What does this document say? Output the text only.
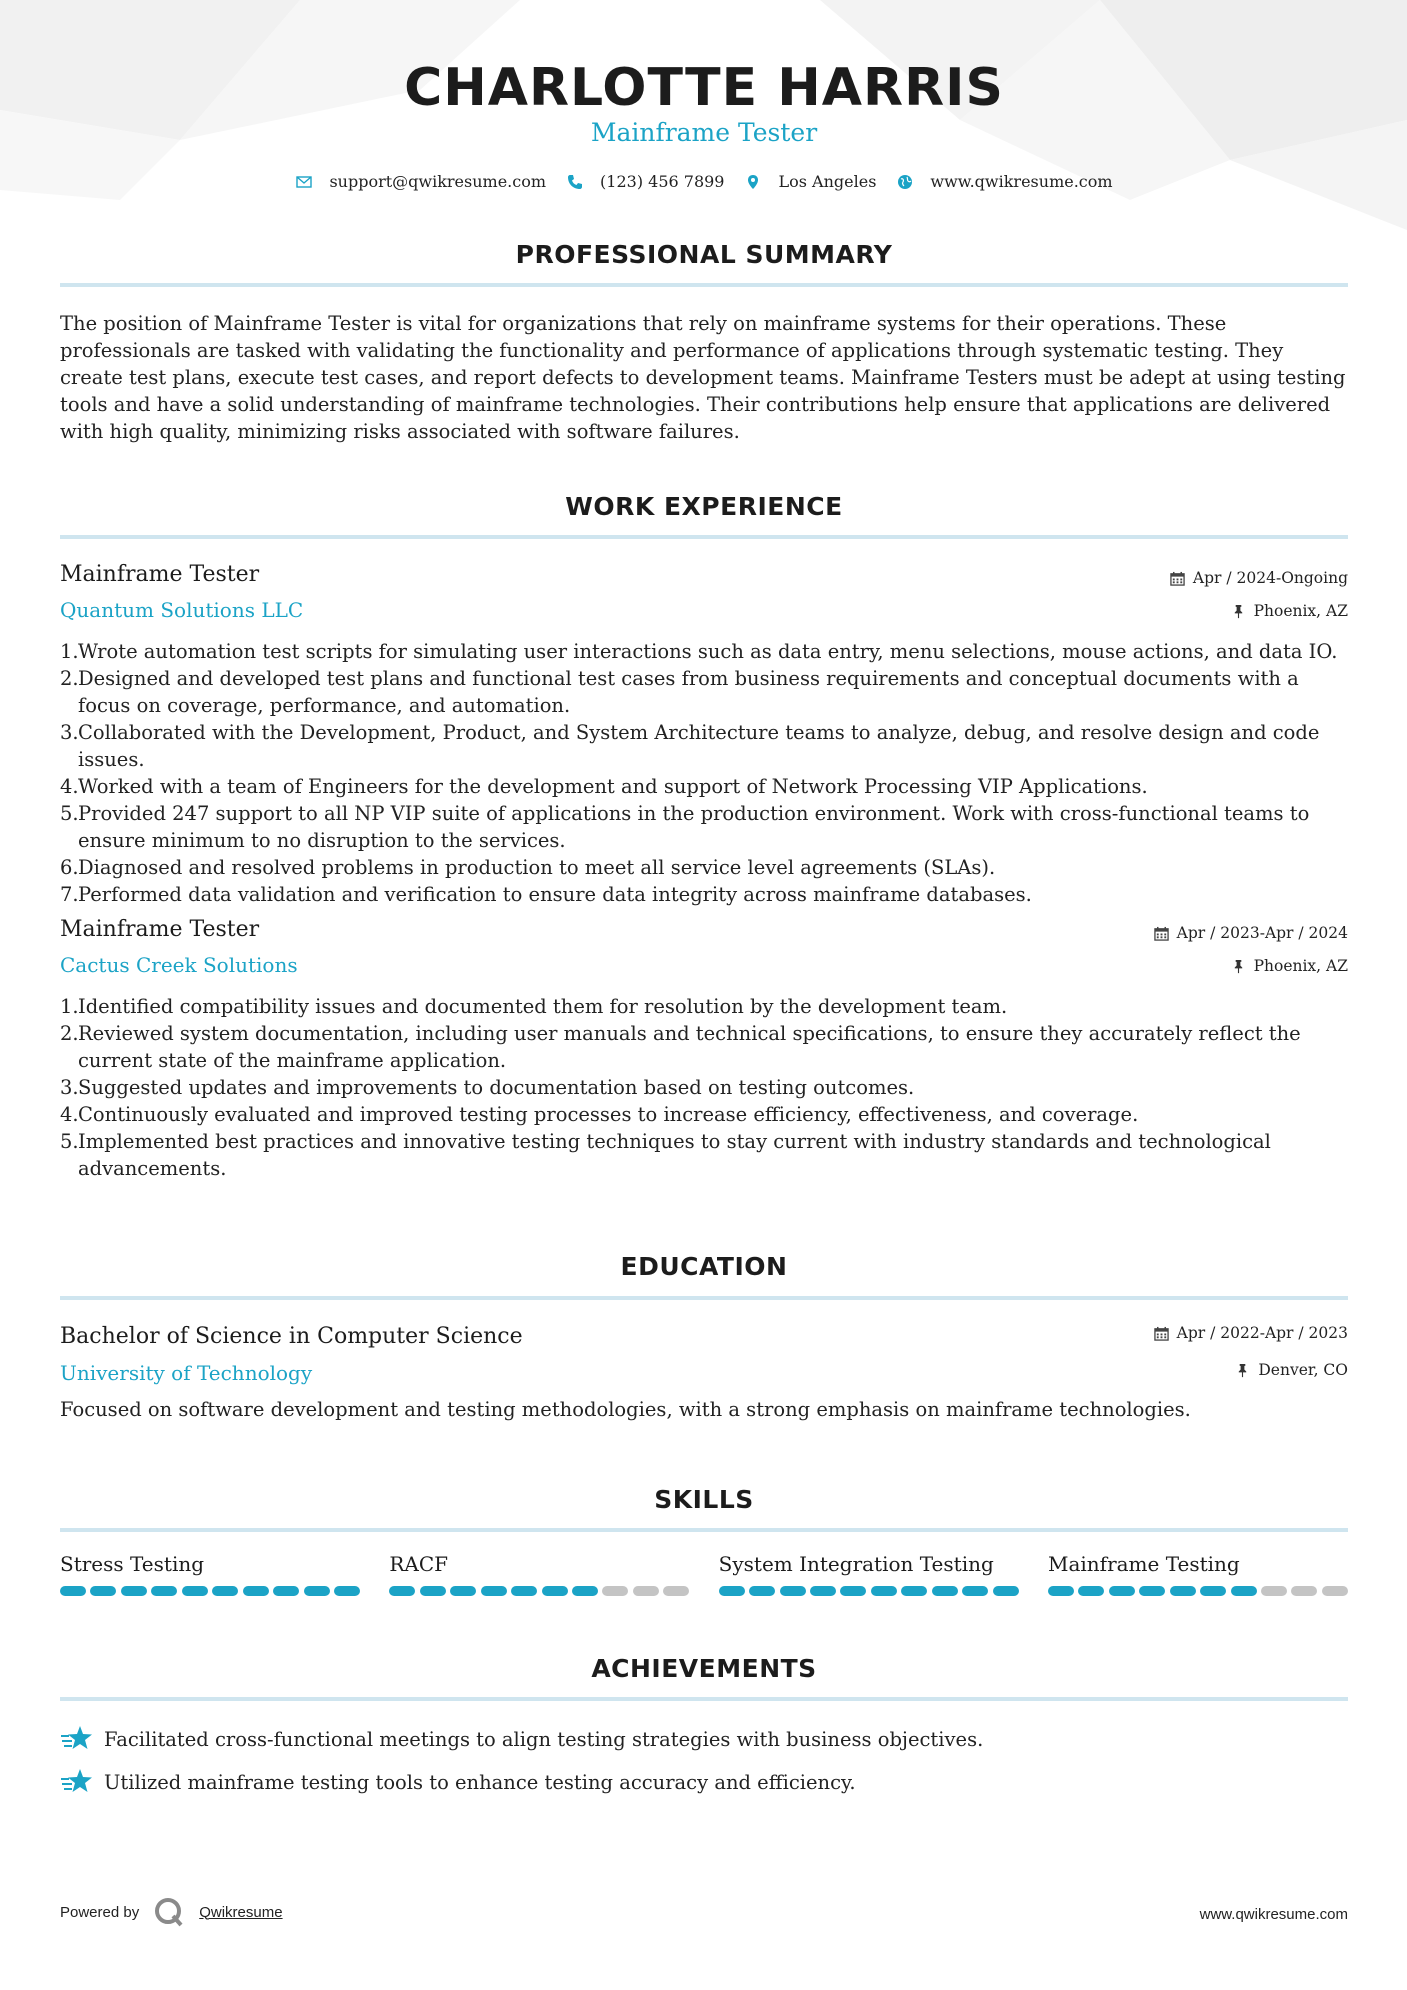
CHARLOTTE HARRIS
Mainframe Tester
support@qwikresume.com	(123) 456 7899	Los Angeles	www.qwikresume.com
PROFESSIONAL SUMMARY
The position of Mainframe Tester is vital for organizations that rely on mainframe systems for their operations. These professionals are tasked with validating the functionality and performance of applications through systematic testing. They create test plans, execute test cases, and report defects to development teams. Mainframe Testers must be adept at using testing tools and have a solid understanding of mainframe technologies. Their contributions help ensure that applications are delivered with high quality, minimizing risks associated with software failures.
WORK EXPERIENCE
Mainframe Tester
Quantum Solutions LLC
Apr / 2024-Ongoing
Phoenix, AZ
1. Wrote automation test scripts for simulating user interactions such as data entry, menu selections, mouse actions, and data IO.
2. Designed and developed test plans and functional test cases from business requirements and conceptual documents with a focus on coverage, performance, and automation.
3. Collaborated with the Development, Product, and System Architecture teams to analyze, debug, and resolve design and code issues.
4. Worked with a team of Engineers for the development and support of Network Processing VIP Applications.
5. Provided 247 support to all NP VIP suite of applications in the production environment. Work with cross-functional teams to ensure minimum to no disruption to the services.
6. Diagnosed and resolved problems in production to meet all service level agreements (SLAs).
7. Performed data validation and verification to ensure data integrity across mainframe databases.
Mainframe Tester
Cactus Creek Solutions
Apr / 2023-Apr / 2024
Phoenix, AZ
1. Identified compatibility issues and documented them for resolution by the development team.
2. Reviewed system documentation, including user manuals and technical specifications, to ensure they accurately reflect the current state of the mainframe application.
3. Suggested updates and improvements to documentation based on testing outcomes.
4. Continuously evaluated and improved testing processes to increase efficiency, effectiveness, and coverage.
5. Implemented best practices and innovative testing techniques to stay current with industry standards and technological advancements.
EDUCATION
Bachelor of Science in Computer Science
University of Technology
Apr / 2022-Apr / 2023
Denver, CO
Focused on software development and testing methodologies, with a strong emphasis on mainframe technologies.
SKILLS
Stress Testing	RACF	System Integration Testing	Mainframe Testing
ACHIEVEMENTS
Facilitated cross-functional meetings to align testing strategies with business objectives.
Utilized mainframe testing tools to enhance testing accuracy and efficiency.
Powered by	Qwikresume	www.qwikresume.com
